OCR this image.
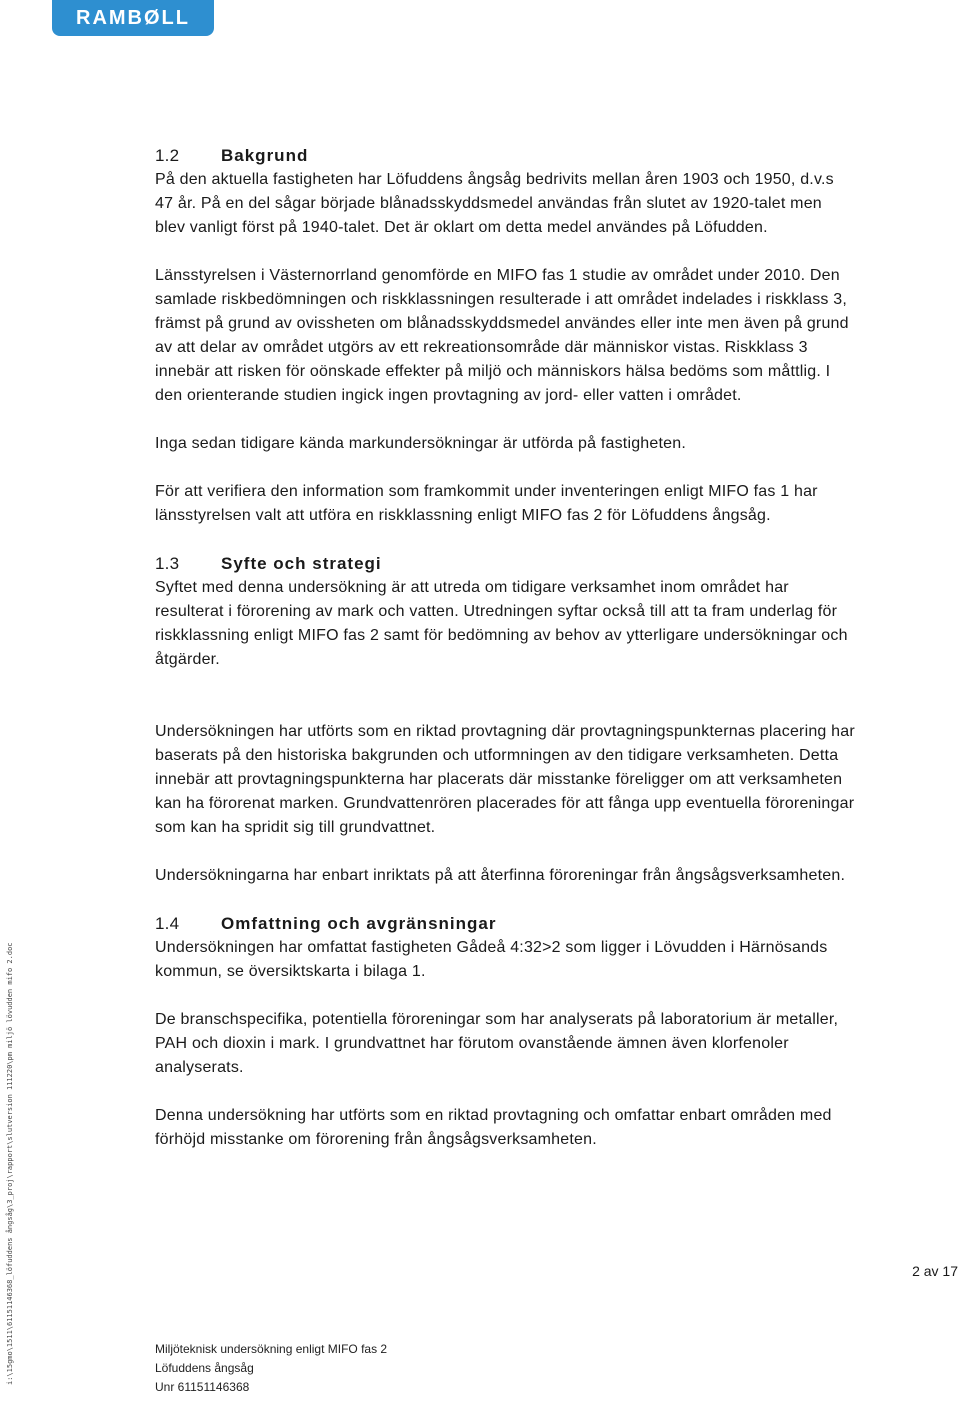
RAMBØLL
1.2	Bakgrund

På den aktuella fastigheten har Löfuddens ångsåg bedrivits mellan åren 1903 och 1950, d.v.s 47 år. På en del sågar började blånadsskyddsmedel användas från slutet av 1920-talet men blev vanligt först på 1940-talet. Det är oklart om detta medel användes på Löfudden.

Länsstyrelsen i Västernorrland genomförde en MIFO fas 1 studie av området under 2010. Den samlade riskbedömningen och riskklassningen resulterade i att området indelades i riskklass 3, främst på grund av ovissheten om blånadsskyddsmedel användes eller inte men även på grund av att delar av området utgörs av ett rekreationsområde där människor vistas. Riskklass 3 innebär att risken för oönskade effekter på miljö och människors hälsa bedöms som måttlig. I den orienterande studien ingick ingen provtagning av jord- eller vatten i området.

Inga sedan tidigare kända markundersökningar är utförda på fastigheten.

För att verifiera den information som framkommit under inventeringen enligt MIFO fas 1 har länsstyrelsen valt att utföra en riskklassning enligt MIFO fas 2 för Löfuddens ångsåg.

1.3	Syfte och strategi

Syftet med denna undersökning är att utreda om tidigare verksamhet inom området har resulterat i förorening av mark och vatten. Utredningen syftar också till att ta fram underlag för riskklassning enligt MIFO fas 2 samt för bedömning av behov av ytterligare undersökningar och åtgärder.

Undersökningen har utförts som en riktad provtagning där provtagningspunkternas placering har baserats på den historiska bakgrunden och utformningen av den tidigare verksamheten. Detta innebär att provtagningspunkterna har placerats där misstanke föreligger om att verksamheten kan ha förorenat marken. Grundvattenrören placerades för att fånga upp eventuella föroreningar som kan ha spridit sig till grundvattnet.

Undersökningarna har enbart inriktats på att återfinna föroreningar från ångsågsverksamheten.

1.4	Omfattning och avgränsningar

Undersökningen har omfattat fastigheten Gådeå 4:32>2 som ligger i Lövudden i Härnösands kommun, se översiktskarta i bilaga 1.

De branschspecifika, potentiella föroreningar som har analyserats på laboratorium är metaller, PAH och dioxin i mark. I grundvattnet har förutom ovanstående ämnen även klorfenoler analyserats.

Denna undersökning har utförts som en riktad provtagning och omfattar enbart områden med förhöjd misstanke om förorening från ångsågsverksamheten.

2 av 17
Miljöteknisk undersökning enligt MIFO fas 2
Löfuddens ångsåg
Unr 61151146368
i:\15gmo\1511\61151146368_löfuddens ångsåg\3_proj\rapport\slutversion 111220\pm miljö lövudden mifo 2.doc
